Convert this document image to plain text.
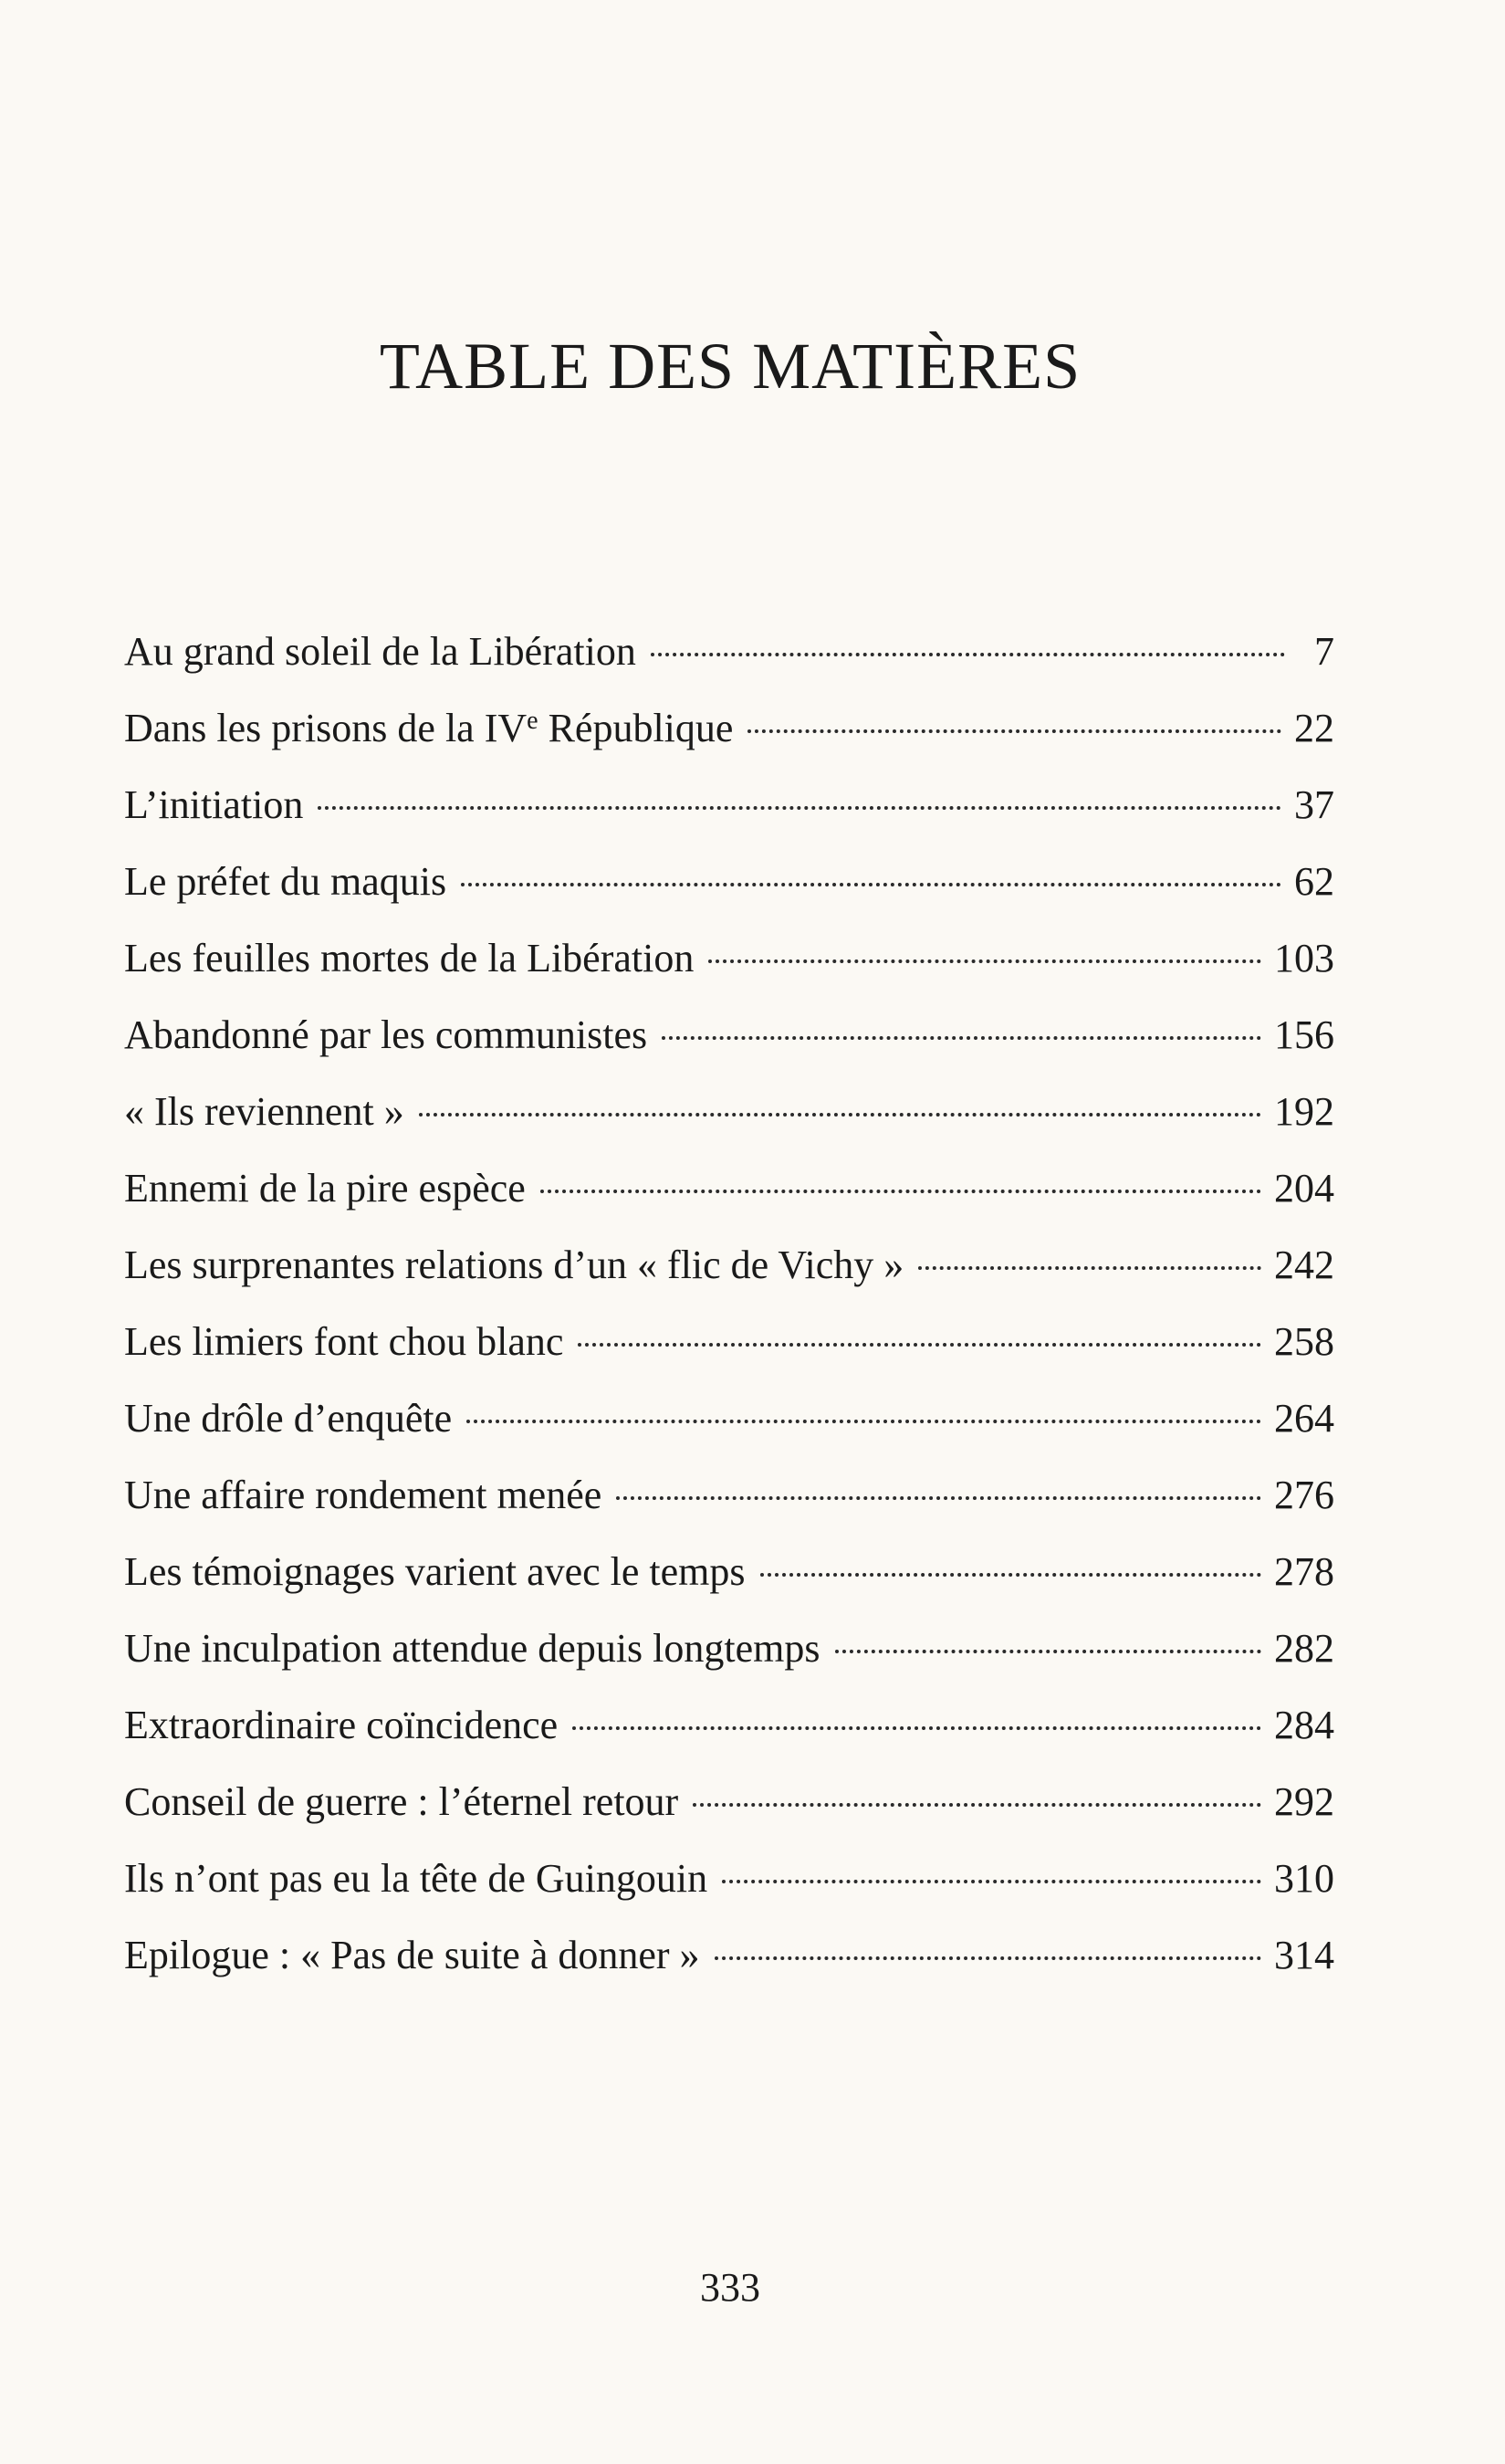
TABLE DES MATIÈRES
Au grand soleil de la Libération	7
Dans les prisons de la IVe République	22
L’initiation	37
Le préfet du maquis	62
Les feuilles mortes de la Libération	103
Abandonné par les communistes	156
« Ils reviennent »	192
Ennemi de la pire espèce	204
Les surprenantes relations d’un « flic de Vichy »	242
Les limiers font chou blanc	258
Une drôle d’enquête	264
Une affaire rondement menée	276
Les témoignages varient avec le temps	278
Une inculpation attendue depuis longtemps	282
Extraordinaire coïncidence	284
Conseil de guerre : l’éternel retour	292
Ils n’ont pas eu la tête de Guingouin	310
Epilogue : « Pas de suite à donner »	314

333
